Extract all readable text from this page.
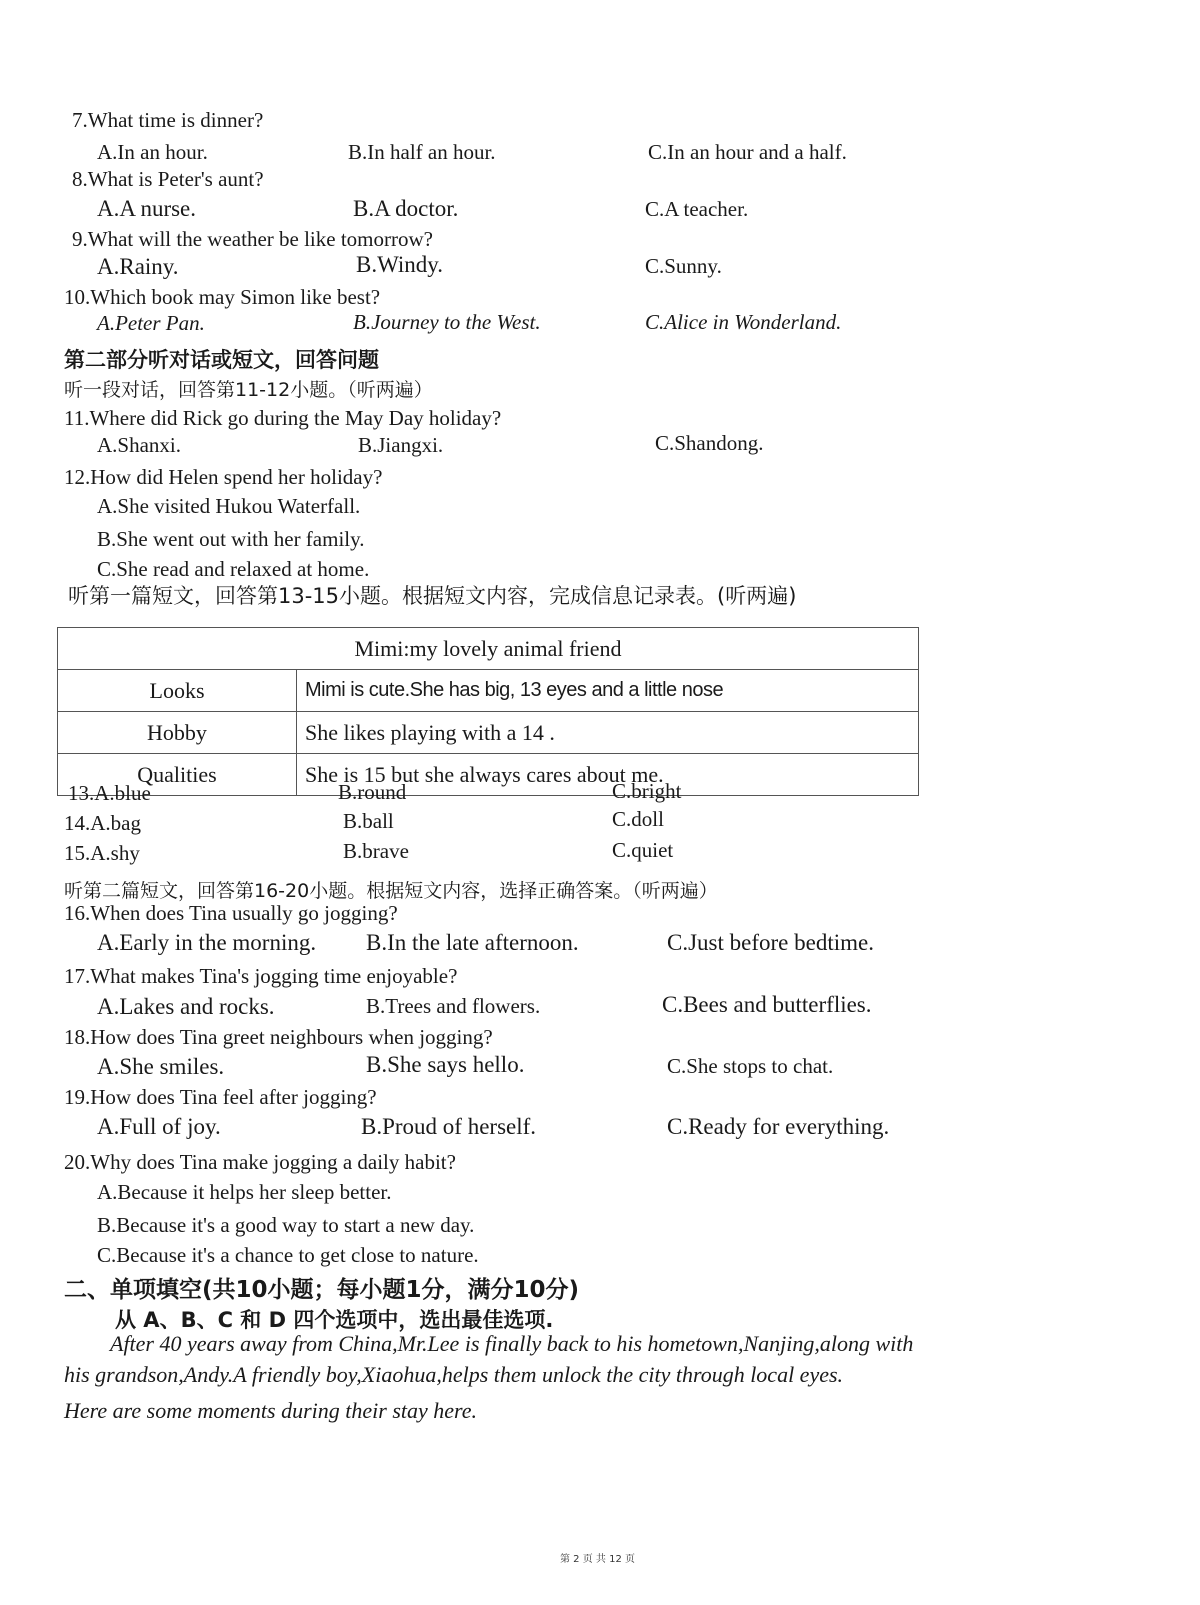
7.What time is dinner?
A.In an hour.	B.In half an hour.	C.In an hour and a half.
8.What is Peter's aunt?
A.A nurse.	B.A doctor.	C.A teacher.
9.What will the weather be like tomorrow?
A.Rainy.	B.Windy.	C.Sunny.
10.Which book may Simon like best?
A.Peter Pan.	B.Journey to the West.	C.Alice in Wonderland.
第二部分听对话或短文，回答问题
听一段对话，回答第11-12小题。（听两遍）
11.Where did Rick go during the May Day holiday?
A.Shanxi.	B.Jiangxi.	C.Shandong.
12.How did Helen spend her holiday?
A.She visited Hukou Waterfall.
B.She went out with her family.
C.She read and relaxed at home.
听第一篇短文，回答第13-15小题。根据短文内容，完成信息记录表。(听两遍)
Mimi:my lovely animal friend	
Looks	Mimi is cute.She has big, 13 eyes and a little nose
Hobby	She likes playing with a 14 .
Qualities	She is 15 but she always cares about me.
13.A.blue	B.round	C.bright
14.A.bag	B.ball	C.doll
15.A.shy	B.brave	C.quiet
听第二篇短文，回答第16-20小题。根据短文内容，选择正确答案。（听两遍）
16.When does Tina usually go jogging?
A.Early in the morning. B.In the late afternoon.	C.Just before bedtime.
17.What makes Tina's jogging time enjoyable?
A.Lakes and rocks.	B.Trees and flowers.	C.Bees and butterflies.
18.How does Tina greet neighbours when jogging?
A.She smiles.	B.She says hello.	C.She stops to chat.
19.How does Tina feel after jogging?
A.Full of joy.	B.Proud of herself.	C.Ready for everything.
20.Why does Tina make jogging a daily habit?
A.Because it helps her sleep better.
B.Because it's a good way to start a new day.
C.Because it's a chance to get close to nature.
二、单项填空(共10小题；每小题1分，满分10分)
从 A、B、C 和 D 四个选项中，选出最佳选项.
After 40 years away from China,Mr.Lee is finally back to his hometown,Nanjing,along with
his grandson,Andy.A friendly boy,Xiaohua,helps them unlock the city through local eyes.
Here are some moments during their stay here.
第 2 页 共 12 页
